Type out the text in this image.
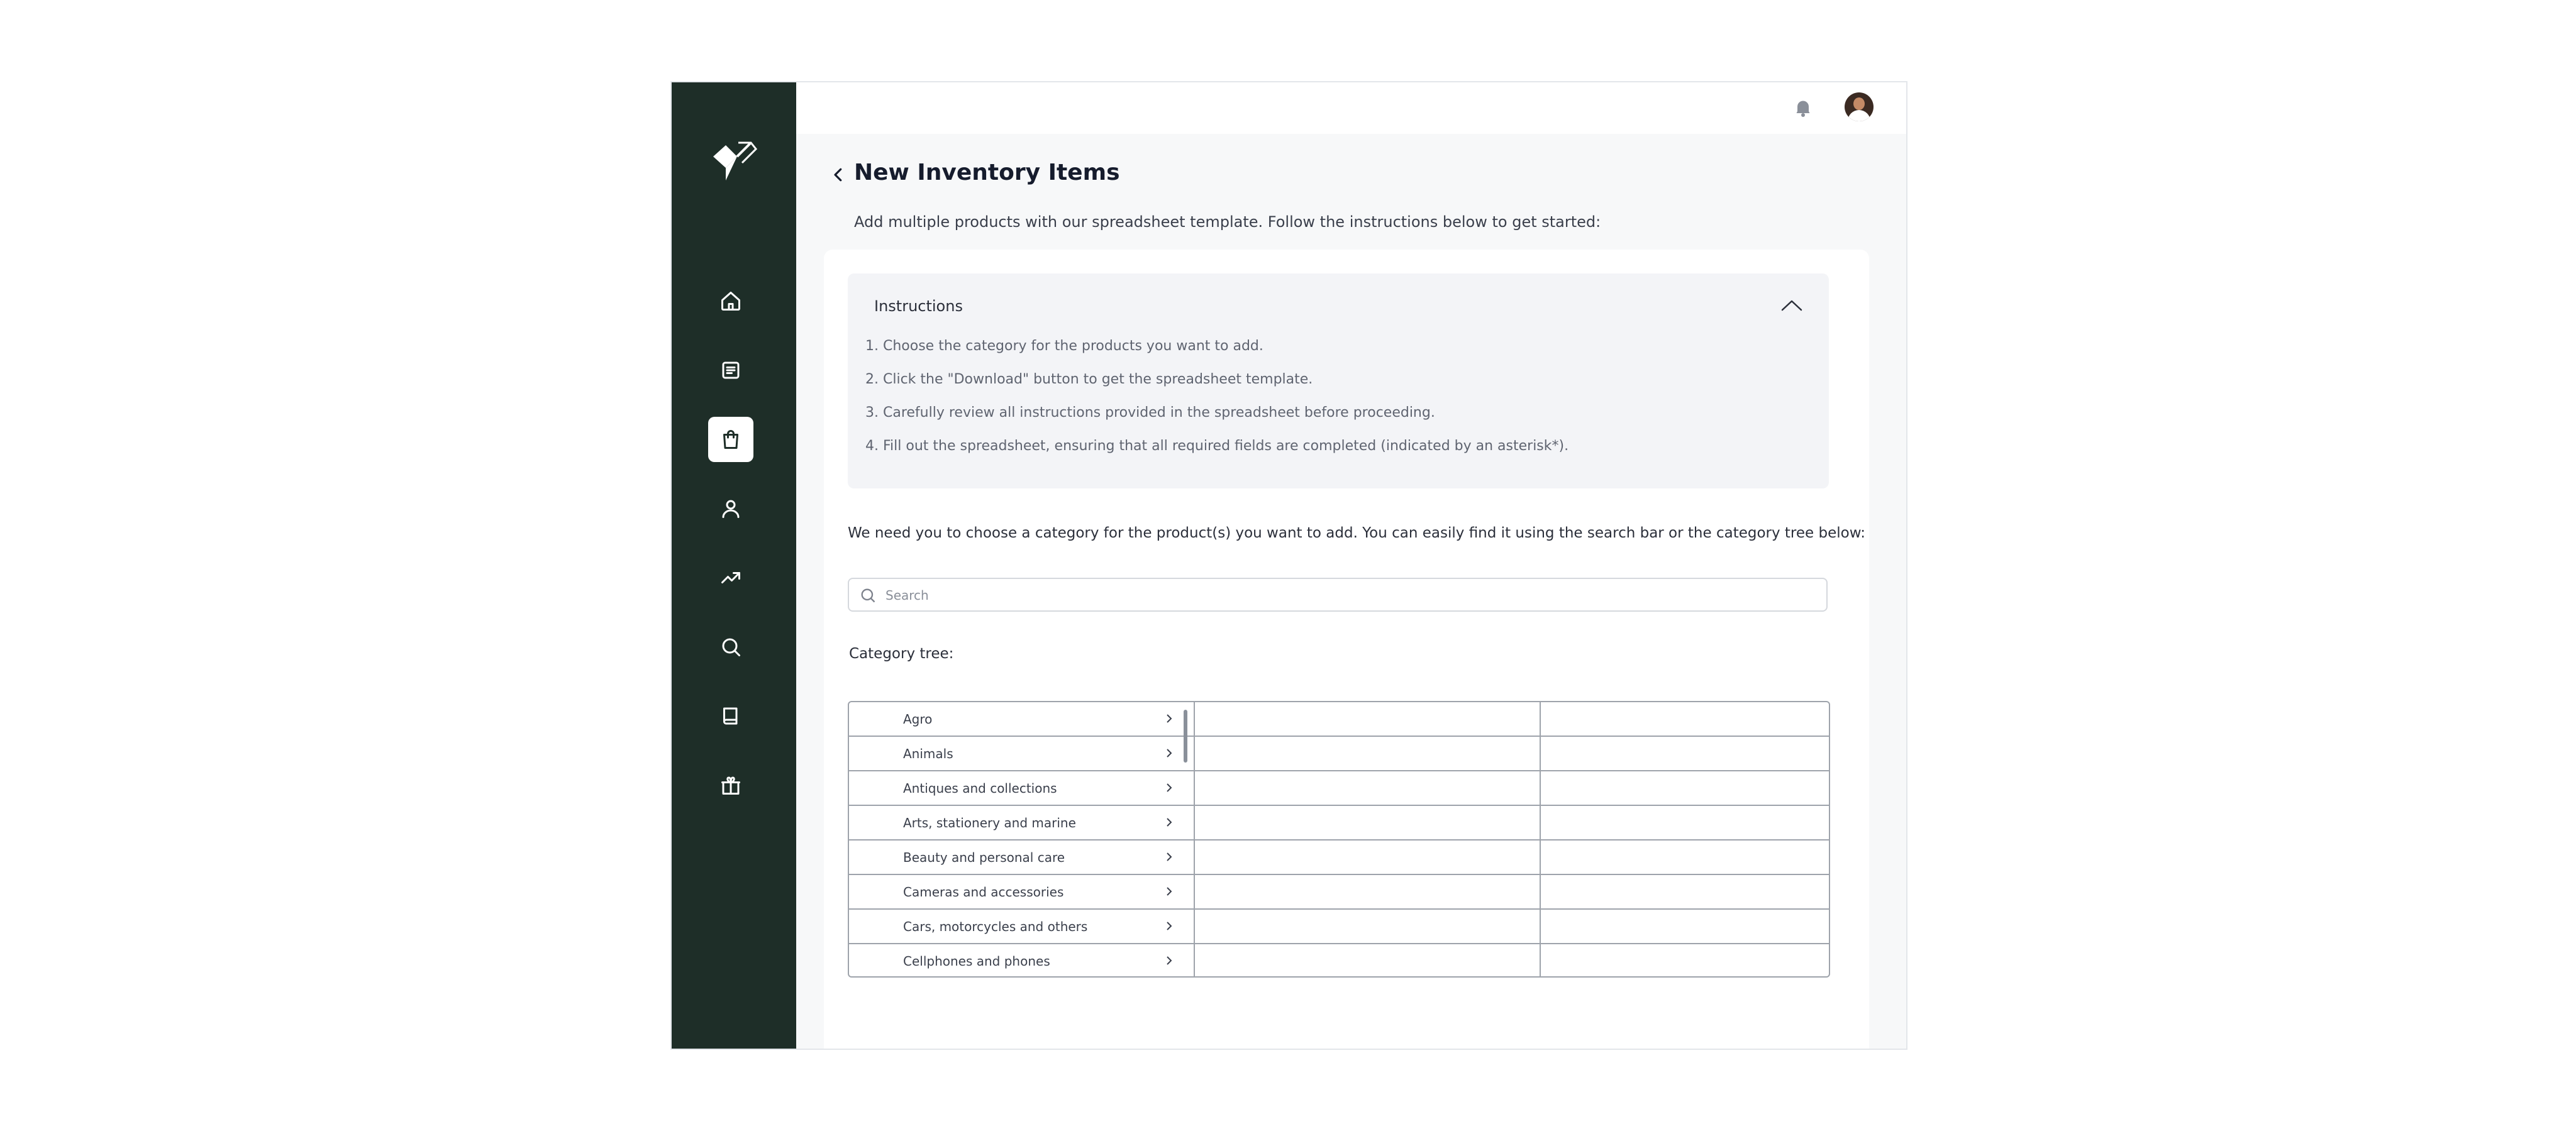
New Inventory Items

Add multiple products with our spreadsheet template. Follow the instructions below to get started:

Instructions
1. Choose the category for the products you want to add.
2. Click the "Download" button to get the spreadsheet template.
3. Carefully review all instructions provided in the spreadsheet before proceeding.
4. Fill out the spreadsheet, ensuring that all required fields are completed (indicated by an asterisk*).

We need you to choose a category for the product(s) you want to add. You can easily find it using the search bar or the category tree below:

Search
Category tree:
Agro
Animals
Antiques and collections
Arts, stationery and marine
Beauty and personal care
Cameras and accessories
Cars, motorcycles and others
Cellphones and phones
